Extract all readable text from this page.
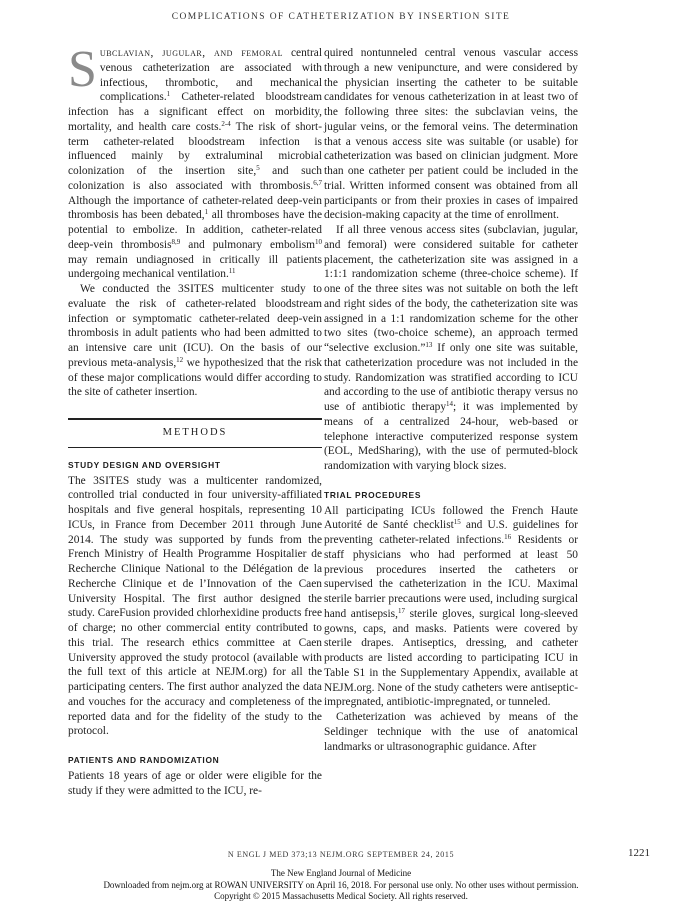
COMPLICATIONS OF CATHETERIZATION BY INSERTION SITE

Subclavian, jugular, and femoral central venous catheterization are associated with infectious, thrombotic, and mechanical complications.$^1$ Catheter-related bloodstream infection has a significant effect on morbidity, mortality, and health care costs.$^{2-4}$ The risk of short-term catheter-related bloodstream infection is influenced mainly by extraluminal microbial colonization of the insertion site,$^5$ and such colonization is also associated with thrombosis.$^{6,7}$ Although the importance of catheter-related deep-vein thrombosis has been debated,$^1$ all thromboses have the potential to embolize. In addition, catheter-related deep-vein thrombosis$^{8,9}$ and pulmonary embolism$^{10}$ may remain undiagnosed in critically ill patients undergoing mechanical ventilation.$^{11}$

We conducted the 3SITES multicenter study to evaluate the risk of catheter-related bloodstream infection or symptomatic catheter-related deep-vein thrombosis in adult patients who had been admitted to an intensive care unit (ICU). On the basis of our previous meta-analysis,$^{12}$ we hypothesized that the risk of these major complications would differ according to the site of catheter insertion.

METHODS
STUDY DESIGN AND OVERSIGHT

The 3SITES study was a multicenter randomized, controlled trial conducted in four university-affiliated hospitals and five general hospitals, representing 10 ICUs, in France from December 2011 through June 2014. The study was supported by funds from the French Ministry of Health Programme Hospitalier de Recherche Clinique National to the Délégation de la Recherche Clinique et de l’Innovation of the Caen University Hospital. The first author designed the study. CareFusion provided chlorhexidine products free of charge; no other commercial entity contributed to this trial. The research ethics committee at Caen University approved the study protocol (available with the full text of this article at NEJM.org) for all the participating centers. The first author analyzed the data and vouches for the accuracy and completeness of the reported data and for the fidelity of the study to the protocol.

PATIENTS AND RANDOMIZATION

Patients 18 years of age or older were eligible for the study if they were admitted to the ICU, re-

quired nontunneled central venous vascular access through a new venipuncture, and were considered by the physician inserting the catheter to be suitable candidates for venous catheterization in at least two of the following three sites: the subclavian veins, the jugular veins, or the femoral veins. The determination that a venous access site was suitable (or usable) for catheterization was based on clinician judgment. More than one catheter per patient could be included in the trial. Written informed consent was obtained from all participants or from their proxies in cases of impaired decision-making capacity at the time of enrollment.

If all three venous access sites (subclavian, jugular, and femoral) were considered suitable for catheter placement, the catheterization site was assigned in a 1:1:1 randomization scheme (three-choice scheme). If one of the three sites was not suitable on both the left and right sides of the body, the catheterization site was assigned in a 1:1 randomization scheme for the other two sites (two-choice scheme), an approach termed “selective exclusion.”$^{13}$ If only one site was suitable, that catheterization procedure was not included in the study. Randomization was stratified according to ICU and according to the use of antibiotic therapy versus no use of antibiotic therapy$^{14}$; it was implemented by means of a centralized 24-hour, web-based or telephone interactive computerized response system (EOL, MedSharing), with the use of permuted-block randomization with varying block sizes.

TRIAL PROCEDURES

All participating ICUs followed the French Haute Autorité de Santé checklist$^{15}$ and U.S. guidelines for preventing catheter-related infections.$^{16}$ Residents or staff physicians who had performed at least 50 previous procedures inserted the catheters or supervised the catheterization in the ICU. Maximal sterile barrier precautions were used, including surgical hand antisepsis,$^{17}$ sterile gloves, surgical long-sleeved gowns, caps, and masks. Patients were covered by sterile drapes. Antiseptics, dressing, and catheter products are listed according to participating ICU in Table S1 in the Supplementary Appendix, available at NEJM.org. None of the study catheters were antiseptic-impregnated, antibiotic-impregnated, or tunneled.

Catheterization was achieved by means of the Seldinger technique with the use of anatomical landmarks or ultrasonographic guidance. After

N ENGL J MED 373;13 NEJM.ORG SEPTEMBER 24, 2015	1221
The New England Journal of Medicine
Downloaded from nejm.org at ROWAN UNIVERSITY on April 16, 2018. For personal use only. No other uses without permission.
Copyright © 2015 Massachusetts Medical Society. All rights reserved.
